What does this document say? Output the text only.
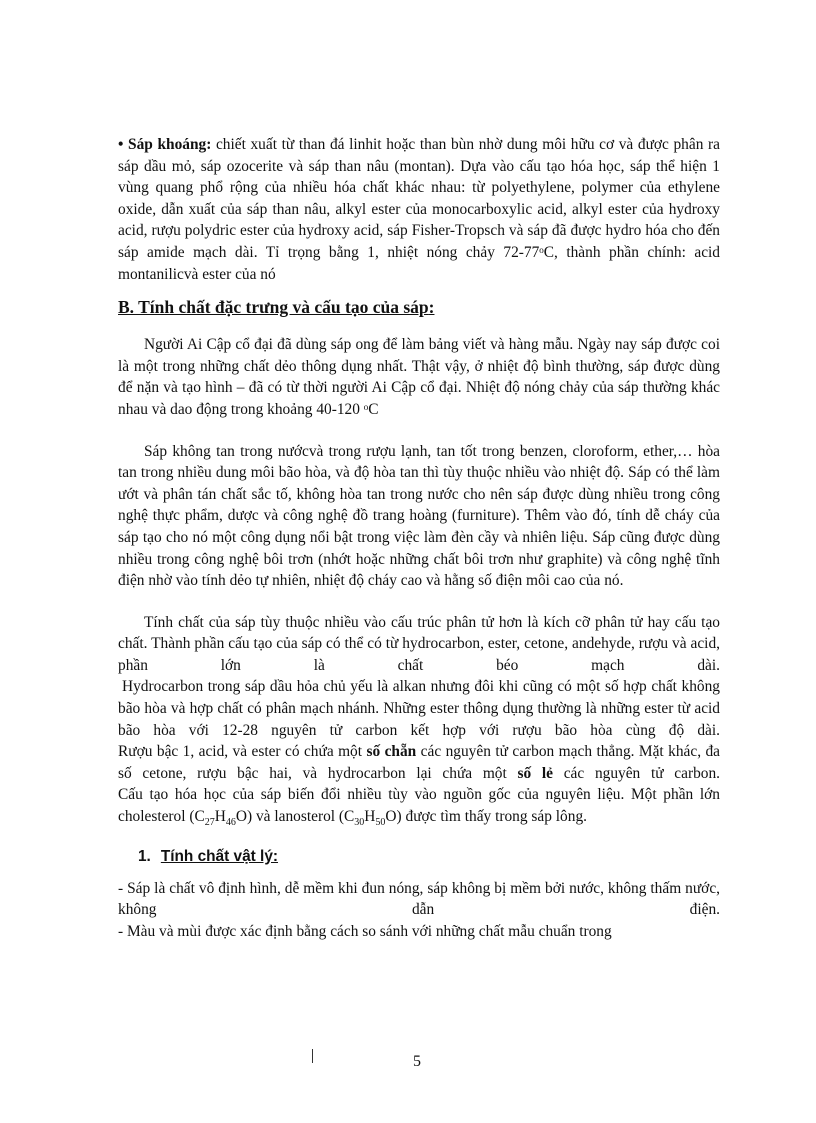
• Sáp khoáng: chiết xuất từ than đá linhit hoặc than bùn nhờ dung môi hữu cơ và được phân ra sáp dầu mỏ, sáp ozocerite và sáp than nâu (montan). Dựa vào cấu tạo hóa học, sáp thể hiện 1 vùng quang phổ rộng của nhiều hóa chất khác nhau: từ polyethylene, polymer của ethylene oxide, dẫn xuất của sáp than nâu, alkyl ester của monocarboxylic acid, alkyl ester của hydroxy acid, rượu polydric ester của hydroxy acid, sáp Fisher-Tropsch và sáp đã được hydro hóa cho đến sáp amide mạch dài. Tỉ trọng bằng 1, nhiệt nóng chảy 72-77ᵒC, thành phần chính: acid montanilicvà ester của nó

B. Tính chất đặc trưng và cấu tạo của sáp:

Người Ai Cập cổ đại đã dùng sáp ong để làm bảng viết và hàng mẫu. Ngày nay sáp được coi là một trong những chất dẻo thông dụng nhất. Thật vậy, ở nhiệt độ bình thường, sáp được dùng để nặn và tạo hình – đã có từ thời người Ai Cập cổ đại. Nhiệt độ nóng chảy của sáp thường khác nhau và dao động trong khoảng 40-120 ᵒC

Sáp không tan trong nướcvà trong rượu lạnh, tan tốt trong benzen, cloroform, ether,… hòa tan trong nhiều dung môi bão hòa, và độ hòa tan thì tùy thuộc nhiều vào nhiệt độ. Sáp có thể làm ướt và phân tán chất sắc tố, không hòa tan trong nước cho nên sáp được dùng nhiều trong công nghệ thực phẩm, dược và công nghệ đồ trang hoàng (furniture). Thêm vào đó, tính dễ cháy của sáp tạo cho nó một công dụng nổi bật trong việc làm đèn cầy và nhiên liệu. Sáp cũng được dùng nhiều trong công nghệ bôi trơn (nhớt hoặc những chất bôi trơn như graphite) và công nghệ tĩnh điện nhờ vào tính dẻo tự nhiên, nhiệt độ cháy cao và hằng số điện môi cao của nó.

Tính chất của sáp tùy thuộc nhiều vào cấu trúc phân tử hơn là kích cỡ phân tử hay cấu tạo chất. Thành phần cấu tạo của sáp có thể có từ hydrocarbon, ester, cetone, andehyde, rượu và acid, phần lớn là chất béo mạch dài.

Hydrocarbon trong sáp dầu hỏa chủ yếu là alkan nhưng đôi khi cũng có một số hợp chất không bão hòa và hợp chất có phân mạch nhánh. Những ester thông dụng thường là những ester từ acid bão hòa với 12-28 nguyên tử carbon kết hợp với rượu bão hòa cùng độ dài.

Rượu bậc 1, acid, và ester có chứa một số chẵn các nguyên tử carbon mạch thẳng. Mặt khác, đa số cetone, rượu bậc hai, và hydrocarbon lại chứa một số lẻ các nguyên tử carbon.

Cấu tạo hóa học của sáp biến đổi nhiều tùy vào nguồn gốc của nguyên liệu. Một phần lớn cholesterol $(C_{27}H_{46}O)$ và lanosterol $(C_{30}H_{50}O)$ được tìm thấy trong sáp lông.

1. Tính chất vật lý:

- Sáp là chất vô định hình, dễ mềm khi đun nóng, sáp không bị mềm bởi nước, không thấm nước, không dẫn điện.

- Màu và mùi được xác định bằng cách so sánh với những chất mẫu chuẩn trong

5
